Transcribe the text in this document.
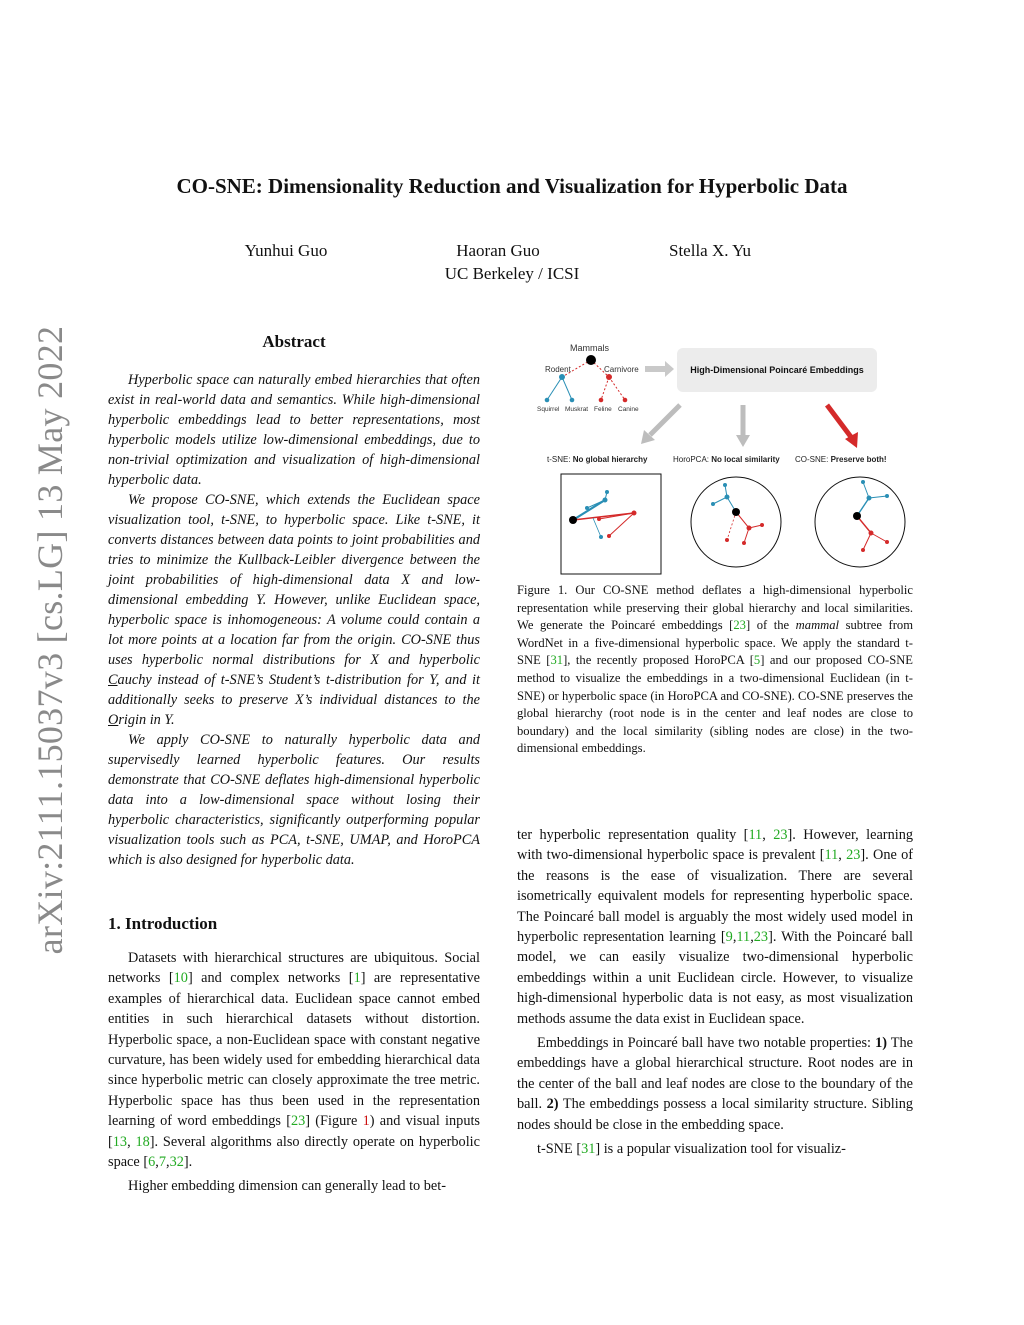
arXiv:2111.15037v3 [cs.LG] 13 May 2022
CO-SNE: Dimensionality Reduction and Visualization for Hyperbolic Data
Yunhui Guo	Haoran Guo	Stella X. Yu
UC Berkeley / ICSI
Abstract

Hyperbolic space can naturally embed hierarchies that often exist in real-world data and semantics. While high-dimensional hyperbolic embeddings lead to better representations, most hyperbolic models utilize low-dimensional embeddings, due to non-trivial optimization and visualization of high-dimensional hyperbolic data.

We propose CO-SNE, which extends the Euclidean space visualization tool, t-SNE, to hyperbolic space. Like t-SNE, it converts distances between data points to joint probabilities and tries to minimize the Kullback-Leibler divergence between the joint probabilities of high-dimensional data X and low-dimensional embedding Y. However, unlike Euclidean space, hyperbolic space is inhomogeneous: A volume could contain a lot more points at a location far from the origin. CO-SNE thus uses hyperbolic normal distributions for X and hyperbolic Cauchy instead of t-SNE’s Student’s t-distribution for Y, and it additionally seeks to preserve X’s individual distances to the Origin in Y.

We apply CO-SNE to naturally hyperbolic data and supervisedly learned hyperbolic features. Our results demonstrate that CO-SNE deflates high-dimensional hyperbolic data into a low-dimensional space without losing their hyperbolic characteristics, significantly outperforming popular visualization tools such as PCA, t-SNE, UMAP, and HoroPCA which is also designed for hyperbolic data.

1. Introduction

Datasets with hierarchical structures are ubiquitous. Social networks [10] and complex networks [1] are representative examples of hierarchical data. Euclidean space cannot embed entities in such hierarchical datasets without distortion. Hyperbolic space, a non-Euclidean space with constant negative curvature, has been widely used for embedding hierarchical data since hyperbolic metric can closely approximate the tree metric. Hyperbolic space has thus been used in the representation learning of word embeddings [23] (Figure 1) and visual inputs [13, 18]. Several algorithms also directly operate on hyperbolic space [6,7,32].

Higher embedding dimension can generally lead to bet-

Mammals
Rodent	Carnivore
Squirrel Muskrat Feline Canine
High-Dimensional Poincaré Embeddings
t-SNE: No global hierarchy	HoroPCA: No local similarity CO-SNE: Preserve both!
Figure 1. Our CO-SNE method deflates a high-dimensional hyperbolic representation while preserving their global hierarchy and local similarities. We generate the Poincaré embeddings [23] of the mammal subtree from WordNet in a five-dimensional hyperbolic space. We apply the standard t-SNE [31], the recently proposed HoroPCA [5] and our proposed CO-SNE method to visualize the embeddings in a two-dimensional Euclidean (in t-SNE) or hyperbolic space (in HoroPCA and CO-SNE). CO-SNE preserves the global hierarchy (root node is in the center and leaf nodes are close to boundary) and the local similarity (sibling nodes are close) in the two-dimensional embeddings.

ter hyperbolic representation quality [11, 23]. However, learning with two-dimensional hyperbolic space is prevalent [11, 23]. One of the reasons is the ease of visualization. There are several isometrically equivalent models for representing hyperbolic space. The Poincaré ball model is arguably the most widely used model in hyperbolic representation learning [9,11,23]. With the Poincaré ball model, we can easily visualize two-dimensional hyperbolic embeddings within a unit Euclidean circle. However, to visualize high-dimensional hyperbolic data is not easy, as most visualization methods assume the data exist in Euclidean space.

Embeddings in Poincaré ball have two notable properties: 1) The embeddings have a global hierarchical structure. Root nodes are in the center of the ball and leaf nodes are close to the boundary of the ball. 2) The embeddings possess a local similarity structure. Sibling nodes should be close in the embedding space.

t-SNE [31] is a popular visualization tool for visualiz-
